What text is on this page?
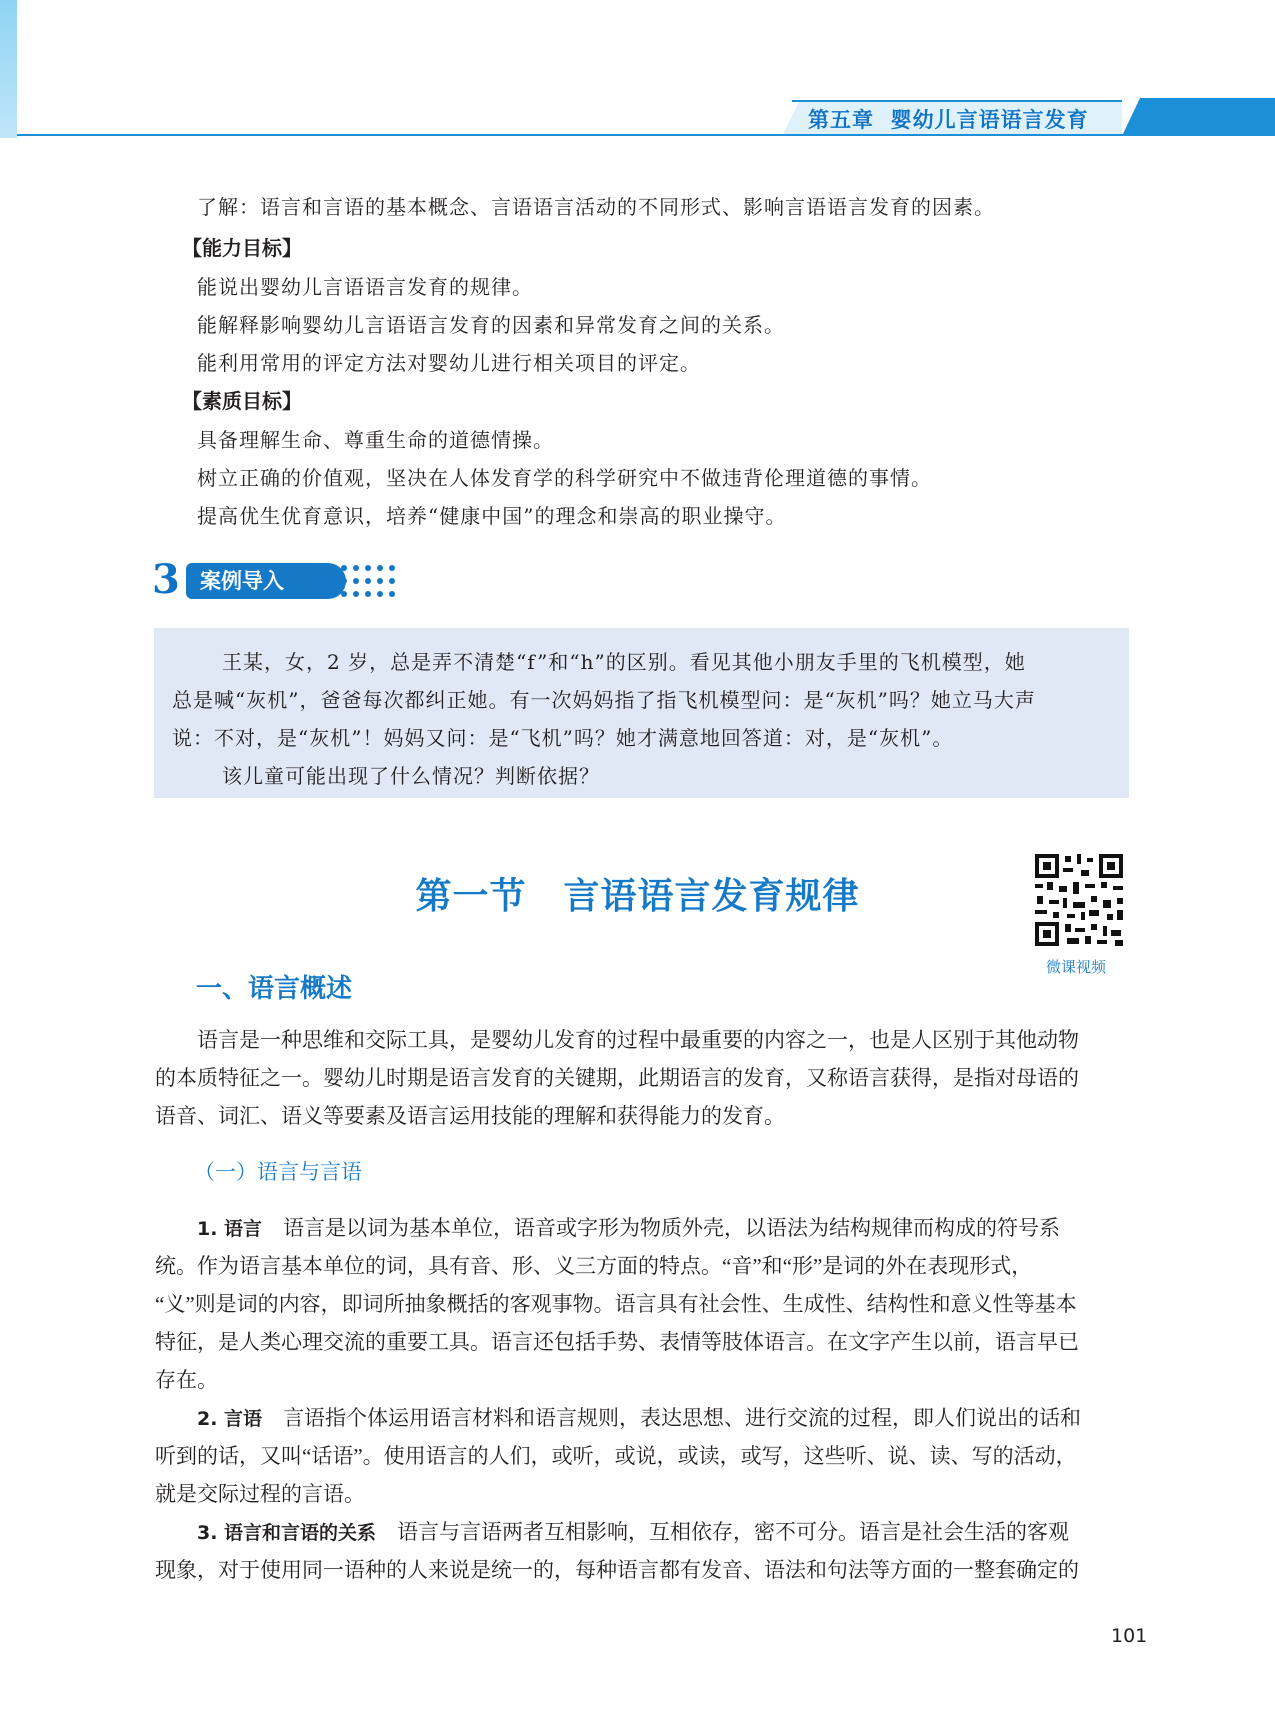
第五章 婴幼儿言语语言发育
了解：语言和言语的基本概念、言语语言活动的不同形式、影响言语语言发育的因素。
【能力目标】
能说出婴幼儿言语语言发育的规律。
能解释影响婴幼儿言语语言发育的因素和异常发育之间的关系。
能利用常用的评定方法对婴幼儿进行相关项目的评定。
【素质目标】
具备理解生命、尊重生命的道德情操。
树立正确的价值观，坚决在人体发育学的科学研究中不做违背伦理道德的事情。
提高优生优育意识，培养“健康中国”的理念和崇高的职业操守。
3 案例导入
王某，女，2 岁，总是弄不清楚“f”和“h”的区别。看见其他小朋友手里的飞机模型，她
总是喊“灰机”，爸爸每次都纠正她。有一次妈妈指了指飞机模型问：是“灰机”吗？她立马大声
说：不对，是“灰机”！妈妈又问：是“飞机”吗？她才满意地回答道：对，是“灰机”。
该儿童可能出现了什么情况？判断依据？
第一节　言语语言发育规律
微课视频
一、语言概述
语言是一种思维和交际工具，是婴幼儿发育的过程中最重要的内容之一，也是人区别于其他动物
的本质特征之一。婴幼儿时期是语言发育的关键期，此期语言的发育，又称语言获得，是指对母语的
语音、词汇、语义等要素及语言运用技能的理解和获得能力的发育。
（一）语言与言语
1. 语言　 语言是以词为基本单位，语音或字形为物质外壳，以语法为结构规律而构成的符号系
统。作为语言基本单位的词，具有音、形、义三方面的特点。“音”和“形”是词的外在表现形式，
“义”则是词的内容，即词所抽象概括的客观事物。语言具有社会性、生成性、结构性和意义性等基本
特征，是人类心理交流的重要工具。语言还包括手势、表情等肢体语言。在文字产生以前，语言早已
存在。
2. 言语　 言语指个体运用语言材料和语言规则，表达思想、进行交流的过程，即人们说出的话和
听到的话，又叫“话语”。使用语言的人们，或听，或说，或读，或写，这些听、说、读、写的活动，
就是交际过程的言语。
3. 语言和言语的关系　 语言与言语两者互相影响，互相依存，密不可分。语言是社会生活的客观
现象，对于使用同一语种的人来说是统一的，每种语言都有发音、语法和句法等方面的一整套确定的
101
